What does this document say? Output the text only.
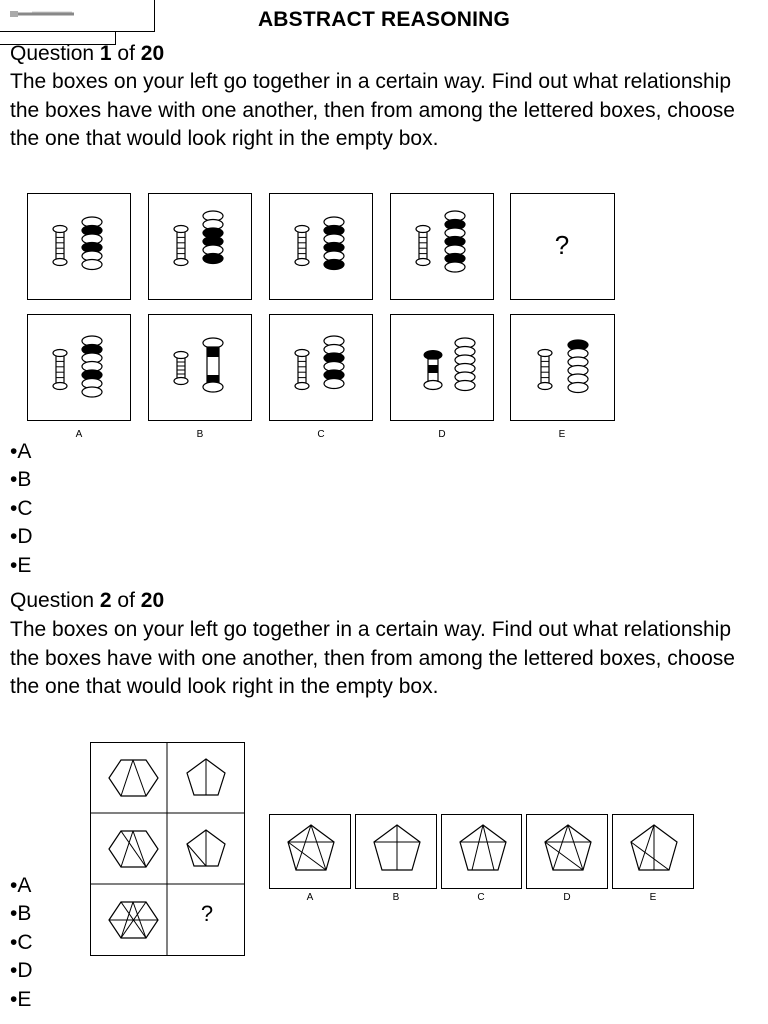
ABSTRACT REASONING
Question 1 of 20
The boxes on your left go together in a certain way. Find out what relationship the boxes have with one another, then from among the lettered boxes, choose the one that would look right in the empty box.
?
A	B	C	D	E
•A
•B
•C
•D
•E
Question 2 of 20
The boxes on your left go together in a certain way. Find out what relationship the boxes have with one another, then from among the lettered boxes, choose the one that would look right in the empty box.
?
A	B	C	D	E
•A
•B
•C
•D
•E
